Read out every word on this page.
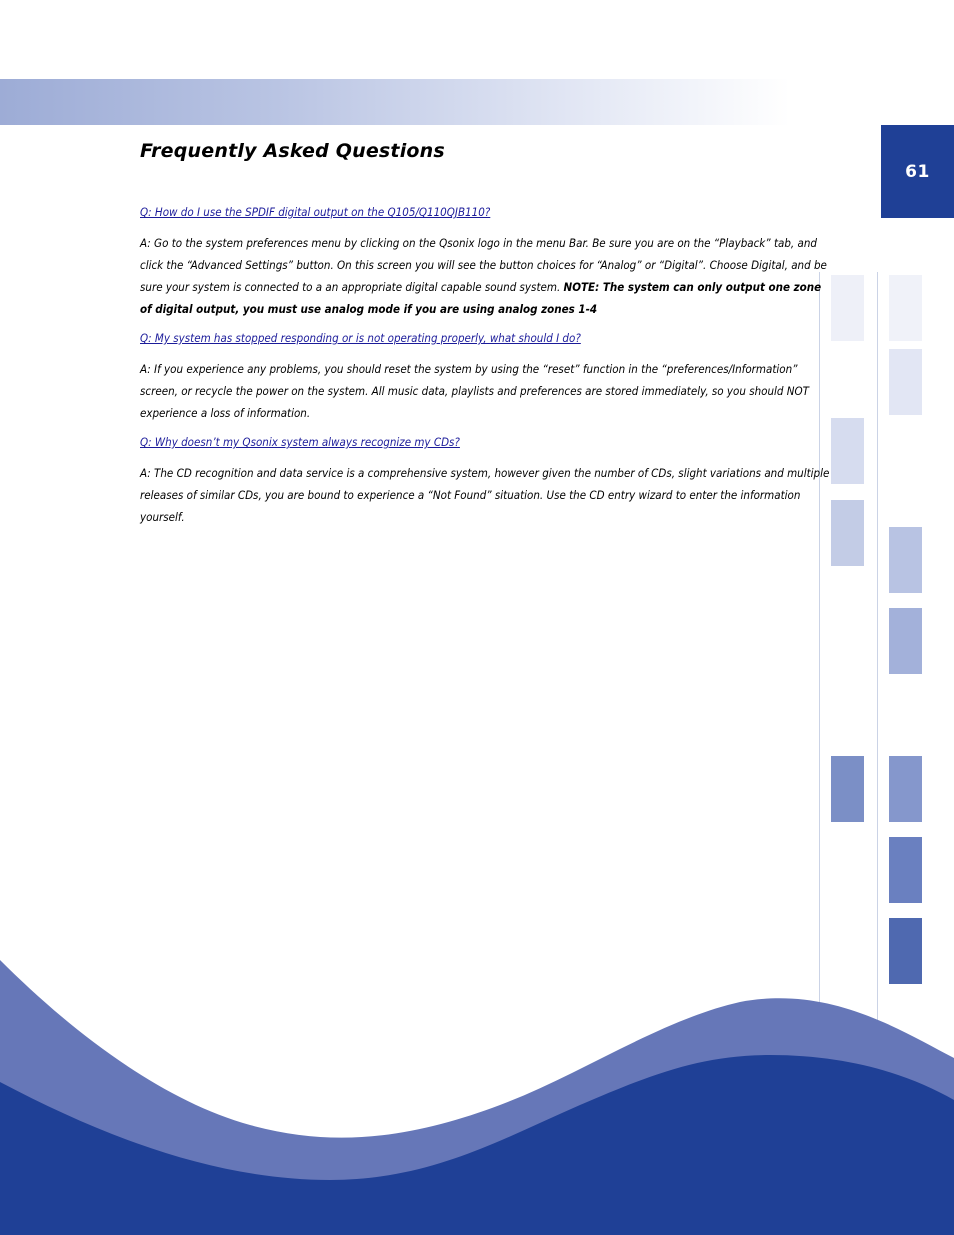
61
Frequently Asked Questions

Q: How do I use the SPDIF digital output on the Q105/Q110QJB110?

A: Go to the system preferences menu by clicking on the Qsonix logo in the menu Bar. Be sure you are on the “Playback” tab, and click the “Advanced Settings” button. On this screen you will see the button choices for “Analog” or “Digital”. Choose Digital, and be sure your system is connected to a an appropriate digital capable sound system. NOTE: The system can only output one zone of digital output, you must use analog mode if you are using analog zones 1-4

Q: My system has stopped responding or is not operating properly, what should I do?

A: If you experience any problems, you should reset the system by using the “reset” function in the “preferences/Information” screen, or recycle the power on the system. All music data, playlists and preferences are stored immediately, so you should NOT experience a loss of information.

Q: Why doesn’t my Qsonix system always recognize my CDs?

A: The CD recognition and data service is a comprehensive system, however given the number of CDs, slight variations and multiple releases of similar CDs, you are bound to experience a “Not Found” situation. Use the CD entry wizard to enter the information yourself.
